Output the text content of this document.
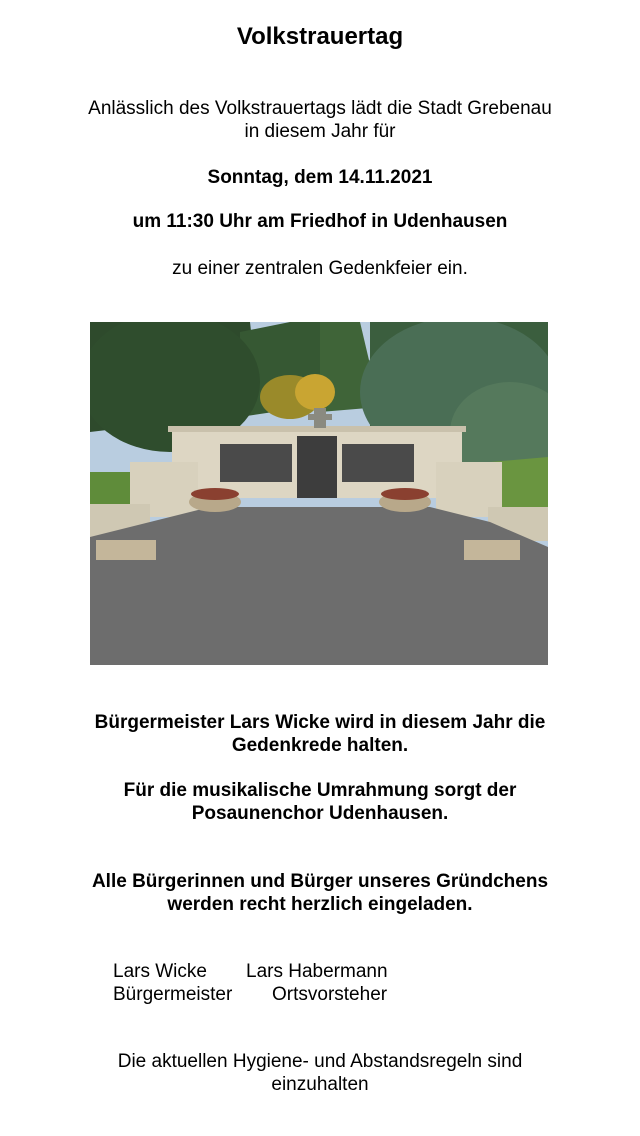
Volkstrauertag
Anlässlich des Volkstrauertags lädt die Stadt Grebenau
in diesem Jahr für
Sonntag, dem 14.11.2021
um 11:30 Uhr am Friedhof in Udenhausen
zu einer zentralen Gedenkfeier ein.
Bürgermeister Lars Wicke wird in diesem Jahr die
Gedenkrede halten.
Für die musikalische Umrahmung sorgt der
Posaunenchor Udenhausen.
Alle Bürgerinnen und Bürger unseres Gründchens
werden recht herzlich eingeladen.
Lars Wicke
Bürgermeister
Lars Habermann
Ortsvorsteher
Die aktuellen Hygiene- und Abstandsregeln sind
einzuhalten
